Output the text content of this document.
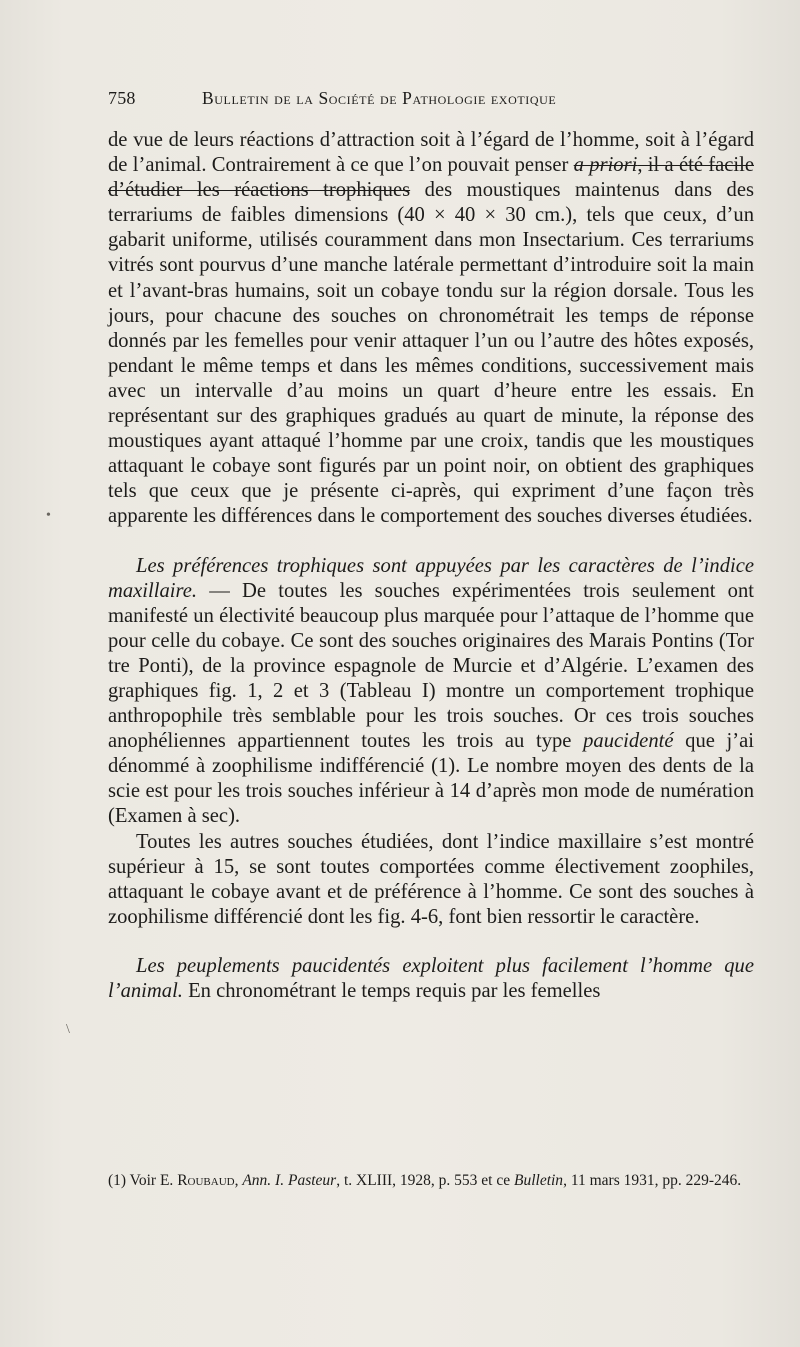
758	Bulletin de la Société de Pathologie exotique

de vue de leurs réactions d’attraction soit à l’égard de l’homme, soit à l’égard de l’animal. Contrairement à ce que l’on pouvait penser a priori, il a été facile d’étudier les réactions trophiques des moustiques maintenus dans des terrariums de faibles dimensions (40 × 40 × 30 cm.), tels que ceux, d’un gabarit uniforme, utilisés couramment dans mon Insectarium. Ces terrariums vitrés sont pourvus d’une manche latérale permettant d’introduire soit la main et l’avant-bras humains, soit un cobaye tondu sur la région dorsale. Tous les jours, pour chacune des souches on chronométrait les temps de réponse donnés par les femelles pour venir attaquer l’un ou l’autre des hôtes exposés, pendant le même temps et dans les mêmes conditions, successivement mais avec un intervalle d’au moins un quart d’heure entre les essais. En représentant sur des graphiques gradués au quart de minute, la réponse des moustiques ayant attaqué l’homme par une croix, tandis que les moustiques attaquant le cobaye sont figurés par un point noir, on obtient des graphiques tels que ceux que je présente ci-après, qui expriment d’une façon très apparente les différences dans le comportement des souches diverses étudiées.

Les préférences trophiques sont appuyées par les caractères de l’indice maxillaire. — De toutes les souches expérimentées trois seulement ont manifesté un électivité beaucoup plus marquée pour l’attaque de l’homme que pour celle du cobaye. Ce sont des souches originaires des Marais Pontins (Tor tre Ponti), de la province espagnole de Murcie et d’Algérie. L’examen des graphiques fig. 1, 2 et 3 (Tableau I) montre un comportement trophique anthropophile très semblable pour les trois souches. Or ces trois souches anophéliennes appartiennent toutes les trois au type paucidenté que j’ai dénommé à zoophilisme indifférencié (1). Le nombre moyen des dents de la scie est pour les trois souches inférieur à 14 d’après mon mode de numération (Examen à sec).

Toutes les autres souches étudiées, dont l’indice maxillaire s’est montré supérieur à 15, se sont toutes comportées comme électivement zoophiles, attaquant le cobaye avant et de préférence à l’homme. Ce sont des souches à zoophilisme différencié dont les fig. 4-6, font bien ressortir le caractère.

Les peuplements paucidentés exploitent plus facilement l’homme que l’animal. En chronométrant le temps requis par les femelles

(1) Voir E. Roubaud, Ann. I. Pasteur, t. XLIII, 1928, p. 553 et ce Bulletin, 11 mars 1931, pp. 229-246.
•
\
